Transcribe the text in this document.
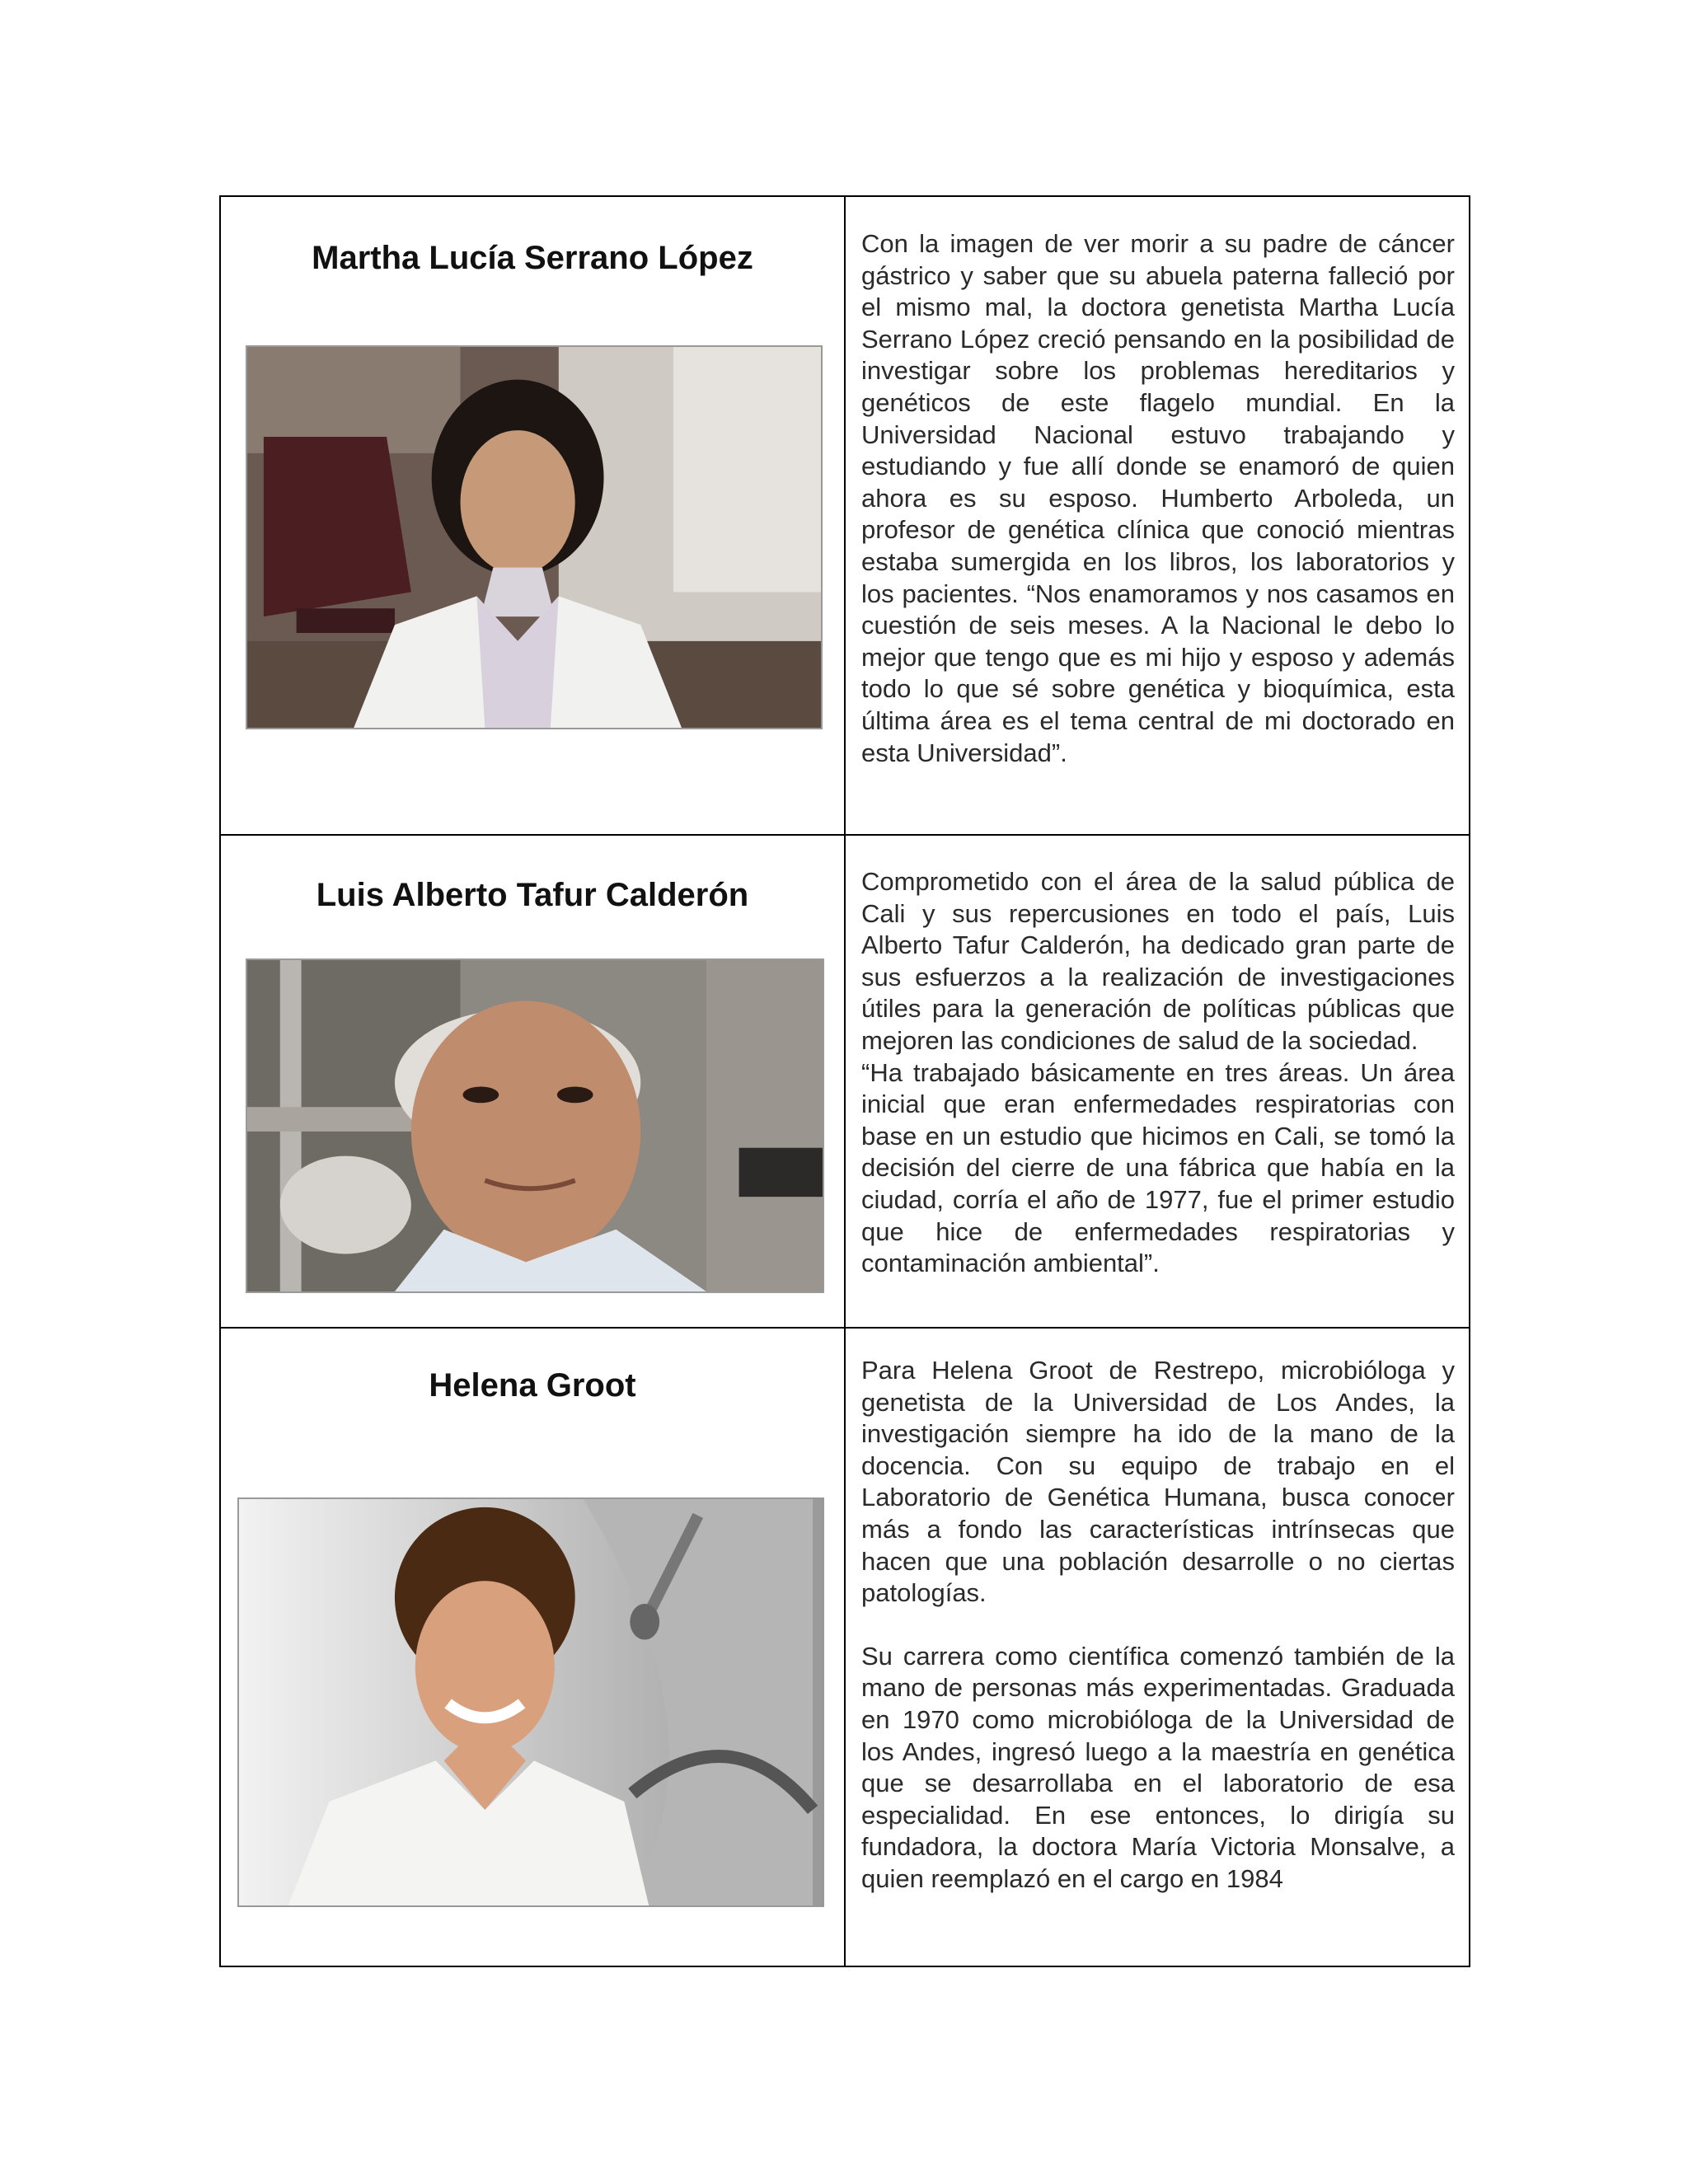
Martha Lucía Serrano López	Con la imagen de ver morir a su padre de cáncer gástrico y saber que su abuela paterna falleció por el mismo mal, la doctora genetista Martha Lucía Serrano López creció pensando en la posibilidad de investigar sobre los problemas hereditarios y genéticos de este flagelo mundial. En la Universidad Nacional estuvo trabajando y estudiando y fue allí donde se enamoró de quien ahora es su esposo. Humberto Arboleda, un profesor de genética clínica que conoció mientras estaba sumergida en los libros, los laboratorios y los pacientes. “Nos enamoramos y nos casamos en cuestión de seis meses. A la Nacional le debo lo mejor que tengo que es mi hijo y esposo y además todo lo que sé sobre genética y bioquímica, esta última área es el tema central de mi doctorado en esta Universidad”.

Luis Alberto Tafur Calderón	Comprometido con el área de la salud pública de Cali y sus repercusiones en todo el país, Luis Alberto Tafur Calderón, ha dedicado gran parte de sus esfuerzos a la realización de investigaciones útiles para la generación de políticas públicas que mejoren las condiciones de salud de la sociedad.
“Ha trabajado básicamente en tres áreas. Un área inicial que eran enfermedades respiratorias con base en un estudio que hicimos en Cali, se tomó la decisión del cierre de una fábrica que había en la ciudad, corría el año de 1977, fue el primer estudio que hice de enfermedades respiratorias y contaminación ambiental”.

Helena Groot	Para Helena Groot de Restrepo, microbióloga y genetista de la Universidad de Los Andes, la investigación siempre ha ido de la mano de la docencia. Con su equipo de trabajo en el Laboratorio de Genética Humana, busca conocer más a fondo las características intrínsecas que hacen que una población desarrolle o no ciertas patologías.

Su carrera como científica comenzó también de la mano de personas más experimentadas. Graduada en 1970 como microbióloga de la Universidad de los Andes, ingresó luego a la maestría en genética que se desarrollaba en el laboratorio de esa especialidad. En ese entonces, lo dirigía su fundadora, la doctora María Victoria Monsalve, a quien reemplazó en el cargo en 1984
